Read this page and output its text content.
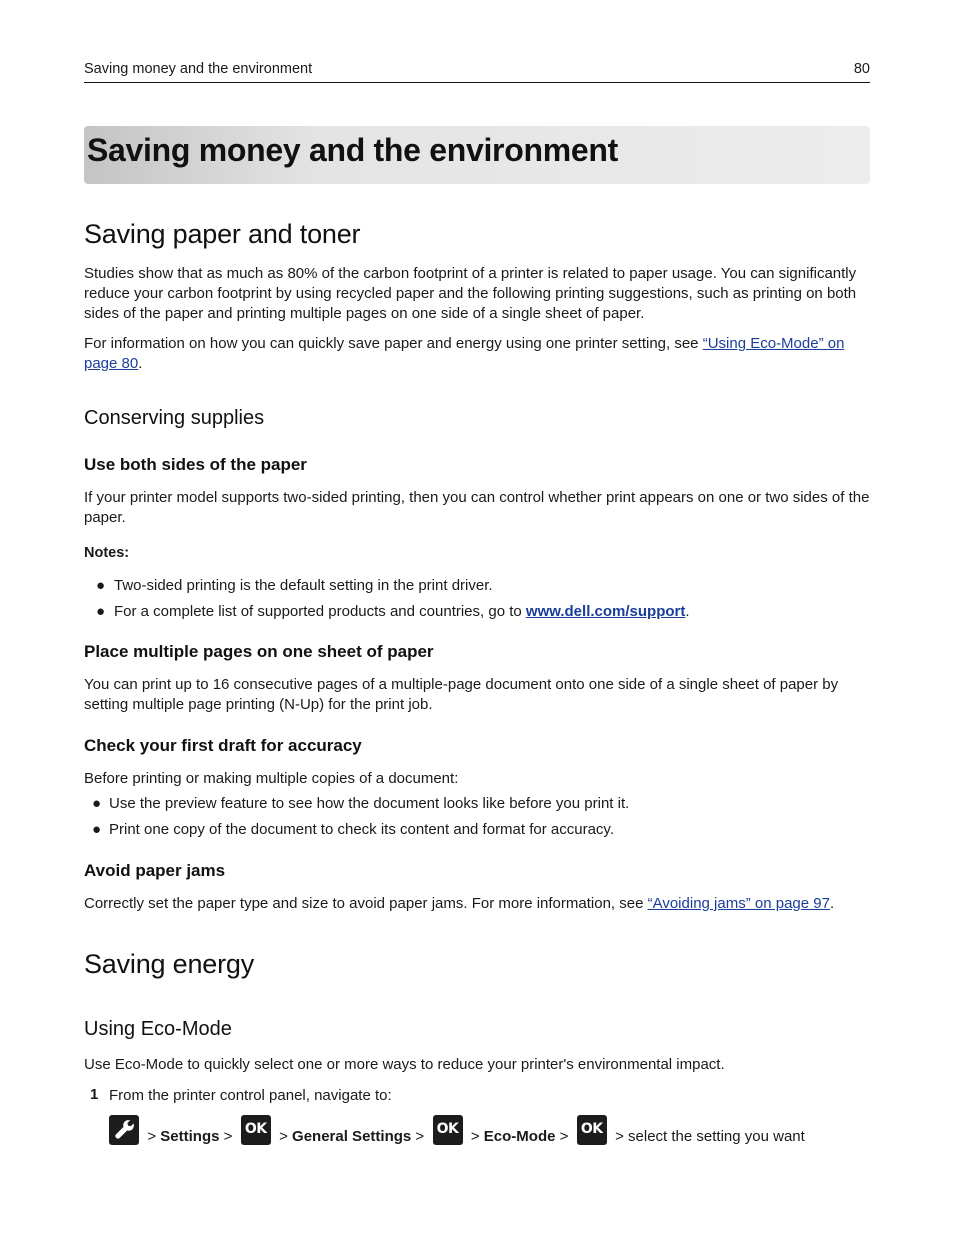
Saving money and the environment	80
Saving money and the environment
Saving paper and toner

Studies show that as much as 80% of the carbon footprint of a printer is related to paper usage. You can significantly reduce your carbon footprint by using recycled paper and the following printing suggestions, such as printing on both sides of the paper and printing multiple pages on one side of a single sheet of paper.

For information on how you can quickly save paper and energy using one printer setting, see “Using Eco-Mode” on page 80.

Conserving supplies
Use both sides of the paper

If your printer model supports two-sided printing, then you can control whether print appears on one or two sides of the paper.

Notes:
● Two-sided printing is the default setting in the print driver.
● For a complete list of supported products and countries, go to www.dell.com/support.
Place multiple pages on one sheet of paper

You can print up to 16 consecutive pages of a multiple-page document onto one side of a single sheet of paper by setting multiple page printing (N-Up) for the print job.

Check your first draft for accuracy

Before printing or making multiple copies of a document:

● Use the preview feature to see how the document looks like before you print it.
● Print one copy of the document to check its content and format for accuracy.
Avoid paper jams

Correctly set the paper type and size to avoid paper jams. For more information, see “Avoiding jams” on page 97.

Saving energy
Using Eco-Mode

Use Eco-Mode to quickly select one or more ways to reduce your printer's environmental impact.

1 From the printer control panel, navigate to:

> Settings > OK > General Settings > OK > Eco-Mode > OK > select the setting you want
